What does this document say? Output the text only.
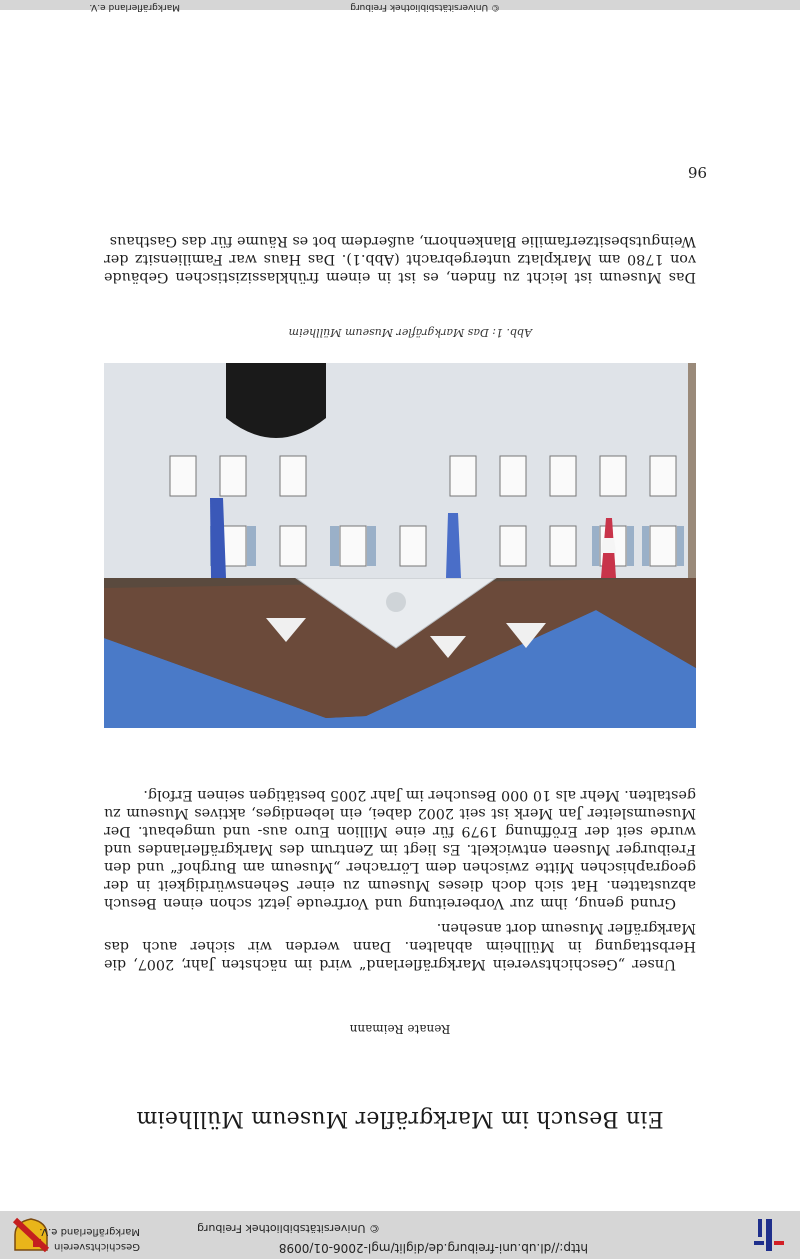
http://dl.ub.uni-freiburg.de/diglit/mgl-2006-01/0098
© Universitätsbibliothek Freiburg
Geschichtsverein
Markgräflerland e.V.
96

Das Museum ist leicht zu finden, es ist in einem frühklassizistischen Gebäude von 1780 am Markplatz untergebracht (Abb.1). Das Haus war Familiensitz der Weingutsbesitzerfamilie Blankenhorn, außerdem bot es Räume für das Gasthaus

Abb. 1: Das Markgräfler Museum Müllheim

Grund genug, ihm zur Vorbereitung und Vorfreude jetzt schon einen Besuch abzustatten. Hat sich doch dieses Museum zu einer Sehenswürdigkeit in der geographischen Mitte zwischen dem Lörracher „Museum am Burghof“ und den Freiburger Museen entwickelt. Es liegt im Zentrum des Markgräflerlandes und wurde seit der Eröffnung 1979 für eine Million Euro aus- und umgebaut. Der Museumsleiter Jan Merk ist seit 2002 dabei, ein lebendiges, aktives Museum zu gestalten. Mehr als 10 000 Besucher im Jahr 2005 bestätigen seinen Erfolg.

Unser „Geschichtsverein Markgräflerland“ wird im nächsten Jahr, 2007, die Herbsttagung in Müllheim abhalten. Dann werden wir sicher auch das Markgräfler Museum dort ansehen.

Renate Reimann
Ein Besuch im Markgräfler Museum Müllheim
© Universitätsbibliothek Freiburg
Markgräflerland e.V.
